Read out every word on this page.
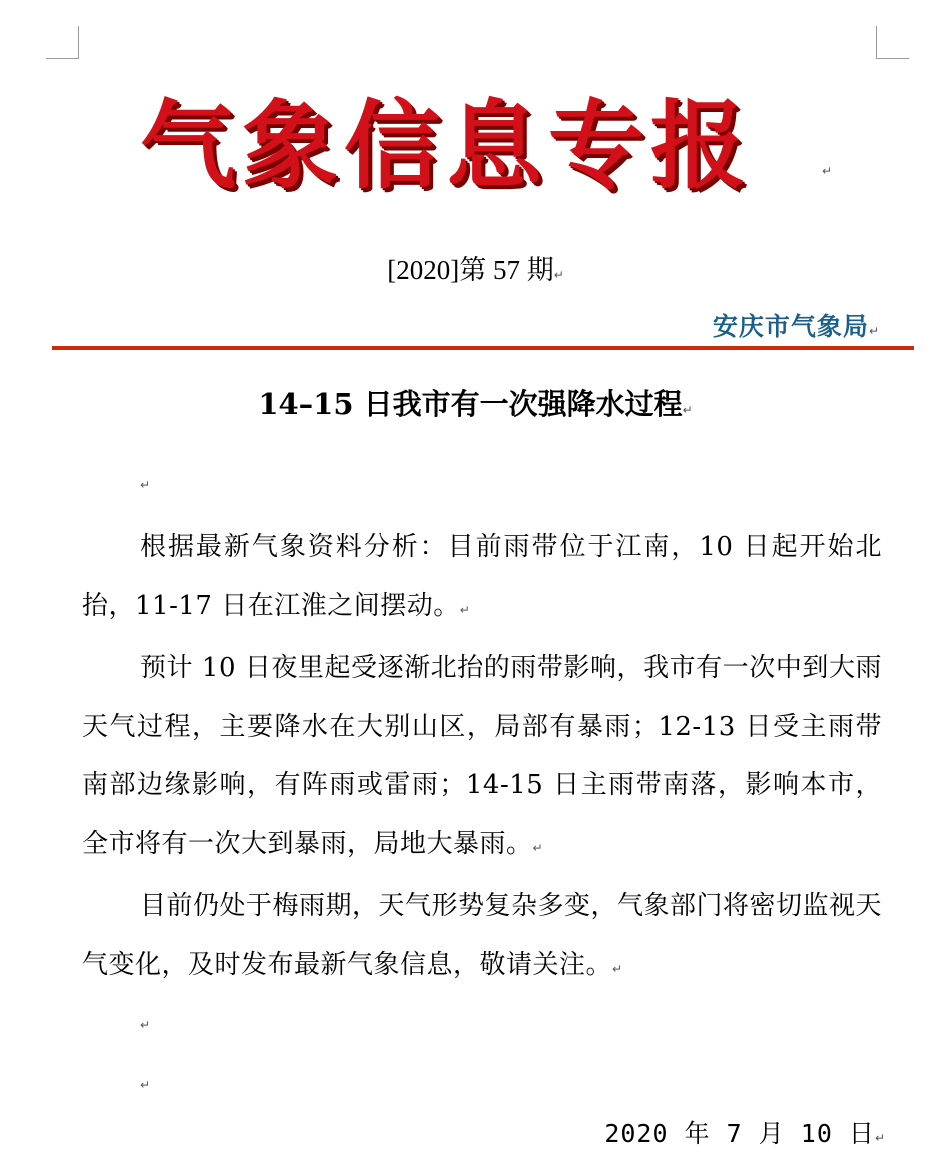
气象信息专报	↵
[2020]第 57 期↵
安庆市气象局↵
14–15 日我市有一次强降水过程↵
↵

根据最新气象资料分析：目前雨带位于江南，10 日起开始北抬，11-17 日在江淮之间摆动。↵

预计 10 日夜里起受逐渐北抬的雨带影响，我市有一次中到大雨天气过程，主要降水在大别山区，局部有暴雨；12-13 日受主雨带南部边缘影响，有阵雨或雷雨；14-15 日主雨带南落，影响本市，全市将有一次大到暴雨，局地大暴雨。↵

目前仍处于梅雨期，天气形势复杂多变，气象部门将密切监视天气变化，及时发布最新气象信息，敬请关注。↵

↵
↵
2020 年 7 月 10 日↵
